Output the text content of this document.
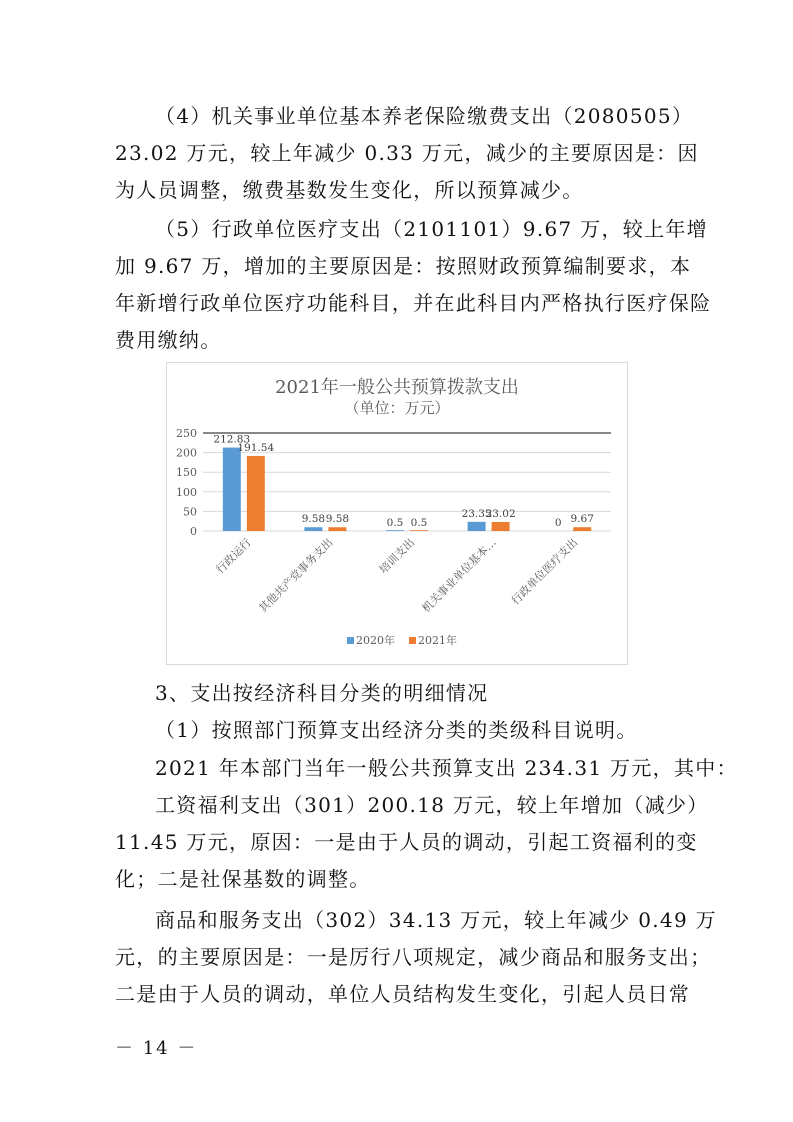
（4）机关事业单位基本养老保险缴费支出（2080505）
23.02 万元，较上年减少 0.33 万元，减少的主要原因是：因
为人员调整，缴费基数发生变化，所以预算减少。
（5）行政单位医疗支出（2101101）9.67 万，较上年增
加 9.67 万，增加的主要原因是：按照财政预算编制要求，本
年新增行政单位医疗功能科目，并在此科目内严格执行医疗保险
费用缴纳。
2021年一般公共预算拨款支出
（单位：万元）
250
200
150
100
50
0
212.83
191.54
9.58 9.58	0.5 0.5
23.35
23.02
0 9.67
行政运行 其他共产党事务支出	培训支出 机关事业单位基本… 行政单位医疗支出
2020年 2021年
3、支出按经济科目分类的明细情况
（1）按照部门预算支出经济分类的类级科目说明。
2021 年本部门当年一般公共预算支出 234.31 万元，其中：
工资福利支出（301）200.18 万元，较上年增加（减少）
11.45 万元，原因：一是由于人员的调动，引起工资福利的变
化；二是社保基数的调整。
商品和服务支出（302）34.13 万元，较上年减少 0.49 万
元，的主要原因是：一是厉行八项规定，减少商品和服务支出；
二是由于人员的调动，单位人员结构发生变化，引起人员日常
－ 14 －
